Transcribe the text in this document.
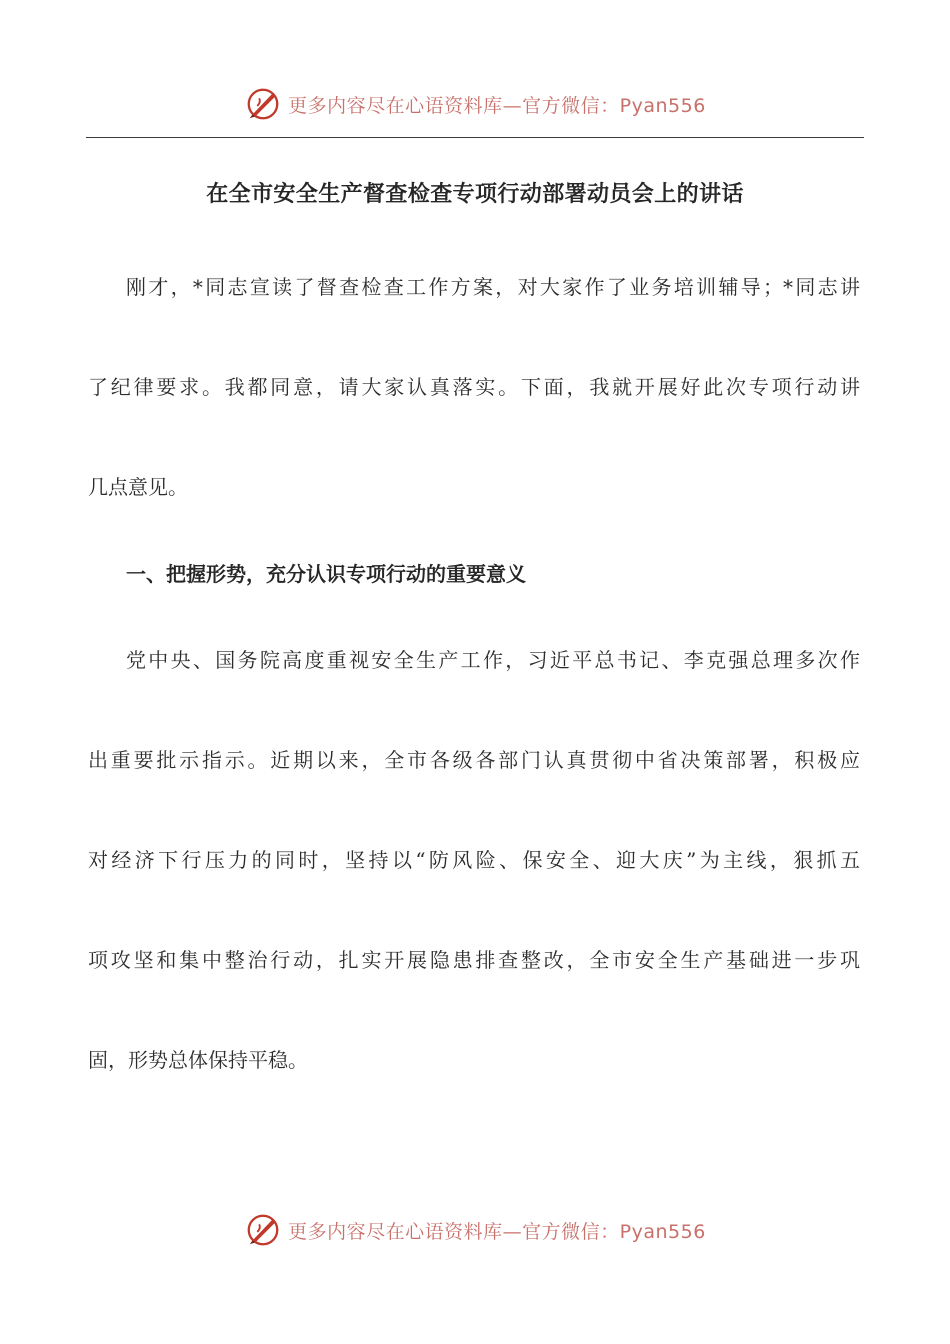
更多内容尽在心语资料库—官方微信：Pyan556
在全市安全生产督查检查专项行动部署动员会上的讲话
刚才，*同志宣读了督查检查工作方案，对大家作了业务培训辅导；*同志讲
了纪律要求。我都同意，请大家认真落实。下面，我就开展好此次专项行动讲
几点意见。
一、把握形势，充分认识专项行动的重要意义
党中央、国务院高度重视安全生产工作，习近平总书记、李克强总理多次作
出重要批示指示。近期以来，全市各级各部门认真贯彻中省决策部署，积极应
对经济下行压力的同时，坚持以“防风险、保安全、迎大庆”为主线，狠抓五
项攻坚和集中整治行动，扎实开展隐患排查整改，全市安全生产基础进一步巩
固，形势总体保持平稳。
更多内容尽在心语资料库—官方微信：Pyan556
